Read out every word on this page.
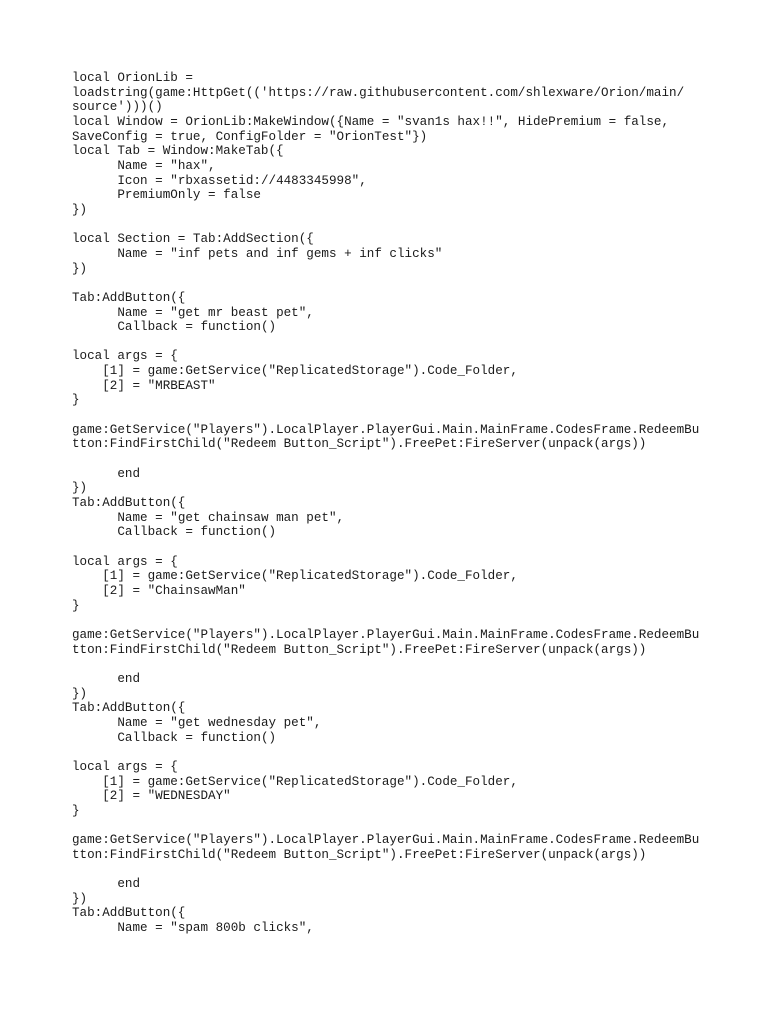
local OrionLib =
loadstring(game:HttpGet(('https://raw.githubusercontent.com/shlexware/Orion/main/
source')))()
local Window = OrionLib:MakeWindow({Name = "svan1s hax!!", HidePremium = false,
SaveConfig = true, ConfigFolder = "OrionTest"})
local Tab = Window:MakeTab({
	Name = "hax",
	Icon = "rbxassetid://4483345998",
	PremiumOnly = false
})
local Section = Tab:AddSection({
	Name = "inf pets and inf gems + inf clicks"
})
Tab:AddButton({
	Name = "get mr beast pet",
	Callback = function()
local args = {
[1] = game:GetService("ReplicatedStorage").Code_Folder,
[2] = "MRBEAST"
}
game:GetService("Players").LocalPlayer.PlayerGui.Main.MainFrame.CodesFrame.RedeemBu
tton:FindFirstChild("Redeem Button_Script").FreePet:FireServer(unpack(args))
	end
})
Tab:AddButton({
	Name = "get chainsaw man pet",
	Callback = function()
local args = {
[1] = game:GetService("ReplicatedStorage").Code_Folder,
[2] = "ChainsawMan"
}
game:GetService("Players").LocalPlayer.PlayerGui.Main.MainFrame.CodesFrame.RedeemBu
tton:FindFirstChild("Redeem Button_Script").FreePet:FireServer(unpack(args))
	end
})
Tab:AddButton({
	Name = "get wednesday pet",
	Callback = function()
local args = {
[1] = game:GetService("ReplicatedStorage").Code_Folder,
[2] = "WEDNESDAY"
}
game:GetService("Players").LocalPlayer.PlayerGui.Main.MainFrame.CodesFrame.RedeemBu
tton:FindFirstChild("Redeem Button_Script").FreePet:FireServer(unpack(args))
	end
})
Tab:AddButton({
	Name = "spam 800b clicks",
